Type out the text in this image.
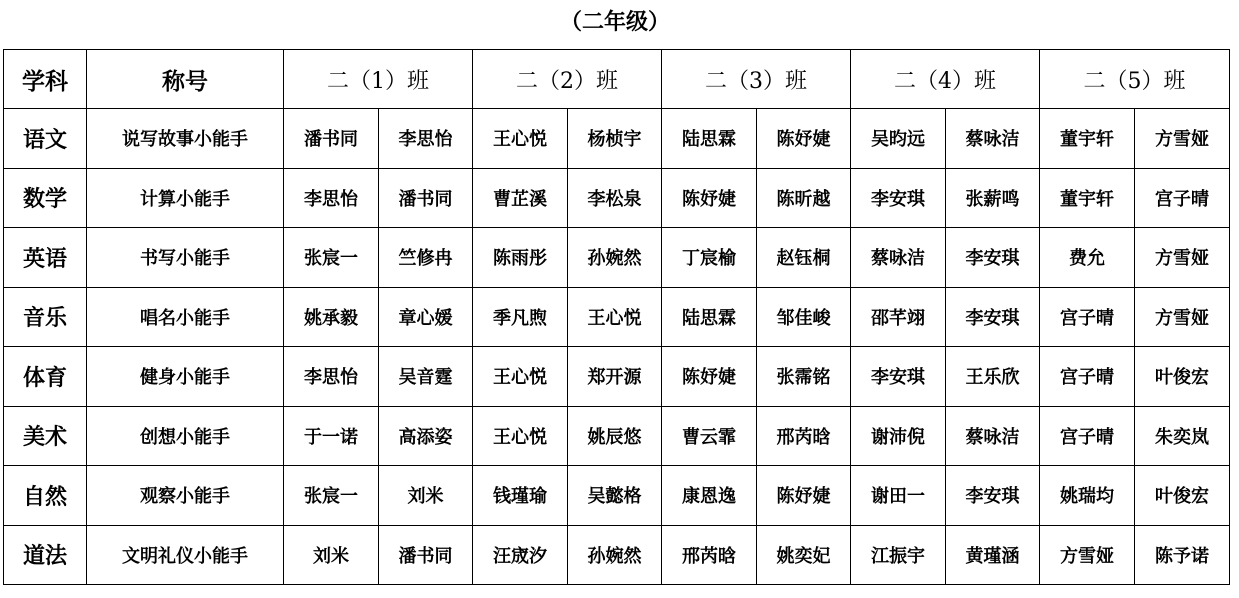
（二年级）
学科	称号	二（1）班		二（2）班		二（3）班		二（4）班		二（5）班	
语文	说写故事小能手	潘书同	李思怡	王心悦	杨桢宇	陆思霖	陈妤婕	吴昀远	蔡咏洁	董宇轩	方雪娅
数学	计算小能手	李思怡	潘书同	曹芷溪	李松泉	陈妤婕	陈昕越	李安琪	张薪鸣	董宇轩	宫子晴
英语	书写小能手	张宸一	竺修冉	陈雨彤	孙婉然	丁宸榆	赵钰桐	蔡咏洁	李安琪	费允	方雪娅
音乐	唱名小能手	姚承毅	章心媛	季凡煦	王心悦	陆思霖	邹佳峻	邵芊翊	李安琪	宫子晴	方雪娅
体育	健身小能手	李思怡	吴音霆	王心悦	郑开源	陈妤婕	张霈铭	李安琪	王乐欣	宫子晴	叶俊宏
美术	创想小能手	于一诺	高添姿	王心悦	姚辰悠	曹云霏	邢芮晗	谢沛倪	蔡咏洁	宫子晴	朱奕岚
自然	观察小能手	张宸一	刘米	钱瑾瑜	吴懿格	康恩逸	陈妤婕	谢田一	李安琪	姚瑞均	叶俊宏
道法	文明礼仪小能手	刘米	潘书同	汪宬汐	孙婉然	邢芮晗	姚奕妃	江振宇	黄瑾涵	方雪娅	陈予诺
